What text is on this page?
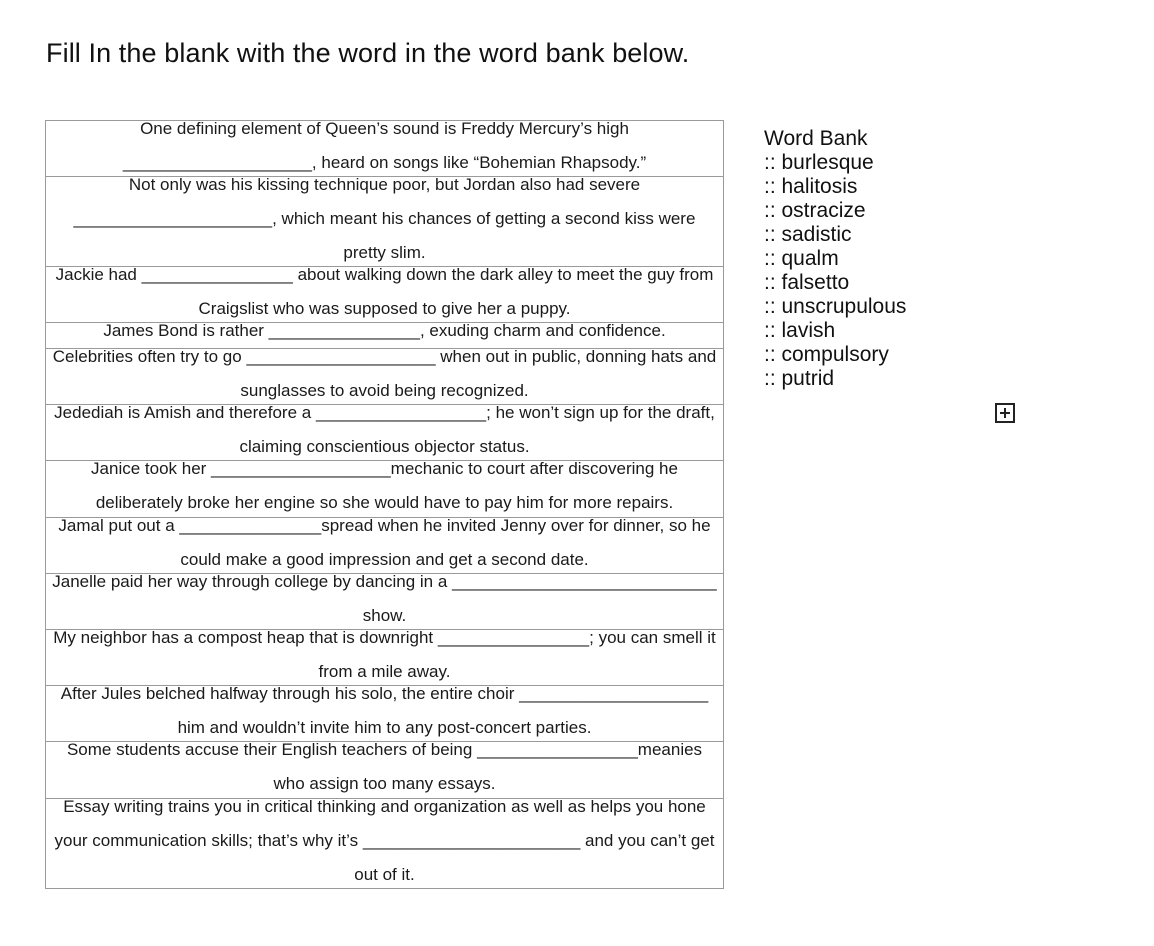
Fill In the blank with the word in the word bank below.
One defining element of Queen’s sound is Freddy Mercury’s high ____________________, heard on songs like “Bohemian Rhapsody.”

Not only was his kissing technique poor, but Jordan also had severe _____________________, which meant his chances of getting a second kiss were pretty slim.

Jackie had ________________ about walking down the dark alley to meet the guy from Craigslist who was supposed to give her a puppy.

James Bond is rather ________________, exuding charm and confidence.

Celebrities often try to go ____________________ when out in public, donning hats and sunglasses to avoid being recognized.

Jedediah is Amish and therefore a __________________; he won’t sign up for the draft, claiming conscientious objector status.

Janice took her ___________________mechanic to court after discovering he deliberately broke her engine so she would have to pay him for more repairs.

Jamal put out a _______________spread when he invited Jenny over for dinner, so he could make a good impression and get a second date.

Janelle paid her way through college by dancing in a ____________________________ show.

My neighbor has a compost heap that is downright ________________; you can smell it from a mile away.

After Jules belched halfway through his solo, the entire choir ____________________ him and wouldn’t invite him to any post-concert parties.

Some students accuse their English teachers of being _________________meanies who assign too many essays.

Essay writing trains you in critical thinking and organization as well as helps you hone your communication skills; that’s why it’s _______________________ and you can’t get out of it.
Word Bank
:: burlesque
:: halitosis
:: ostracize
:: sadistic
:: qualm
:: falsetto
:: unscrupulous
:: lavish
:: compulsory
:: putrid
